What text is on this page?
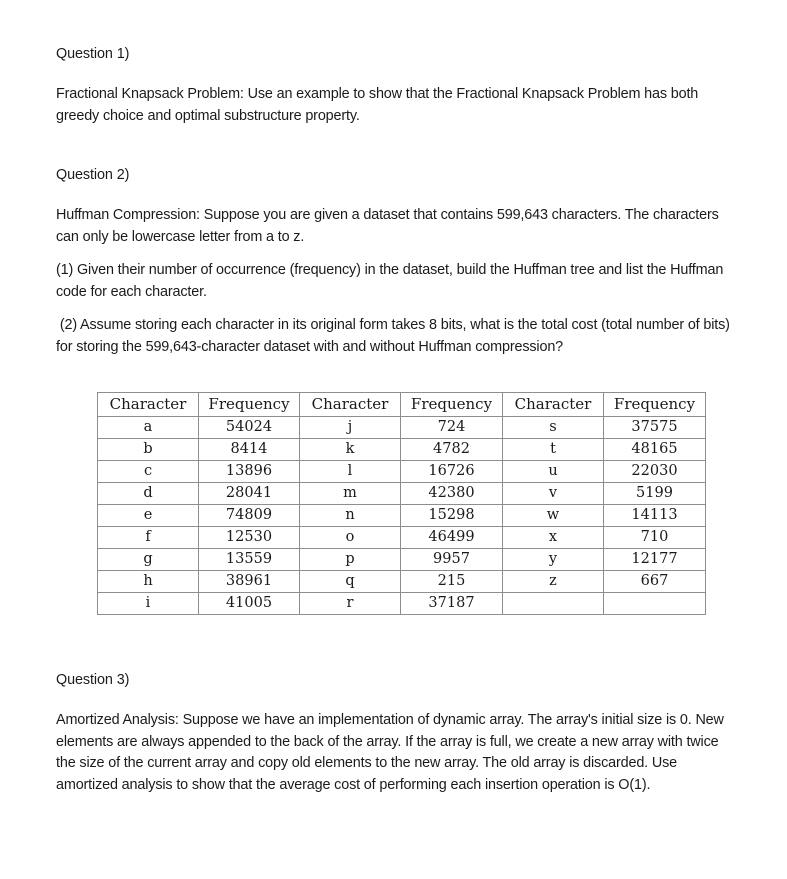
Question 1)

Fractional Knapsack Problem: Use an example to show that the Fractional Knapsack Problem has both greedy choice and optimal substructure property.

Question 2)

Huffman Compression: Suppose you are given a dataset that contains 599,643 characters. The characters can only be lowercase letter from a to z.

(1) Given their number of occurrence (frequency) in the dataset, build the Huffman tree and list the Huffman code for each character.

(2) Assume storing each character in its original form takes 8 bits, what is the total cost (total number of bits) for storing the 599,643-character dataset with and without Huffman compression?

Character	Frequency	Character	Frequency	Character	Frequency
a	54024	j	724	s	37575
b	8414	k	4782	t	48165
c	13896	l	16726	u	22030
d	28041	m	42380	v	5199
e	74809	n	15298	w	14113
f	12530	o	46499	x	710
g	13559	p	9957	y	12177
h	38961	q	215	z	667
i	41005	r	37187		

Question 3)

Amortized Analysis: Suppose we have an implementation of dynamic array. The array's initial size is 0. New elements are always appended to the back of the array. If the array is full, we create a new array with twice the size of the current array and copy old elements to the new array. The old array is discarded. Use amortized analysis to show that the average cost of performing each insertion operation is O(1).
